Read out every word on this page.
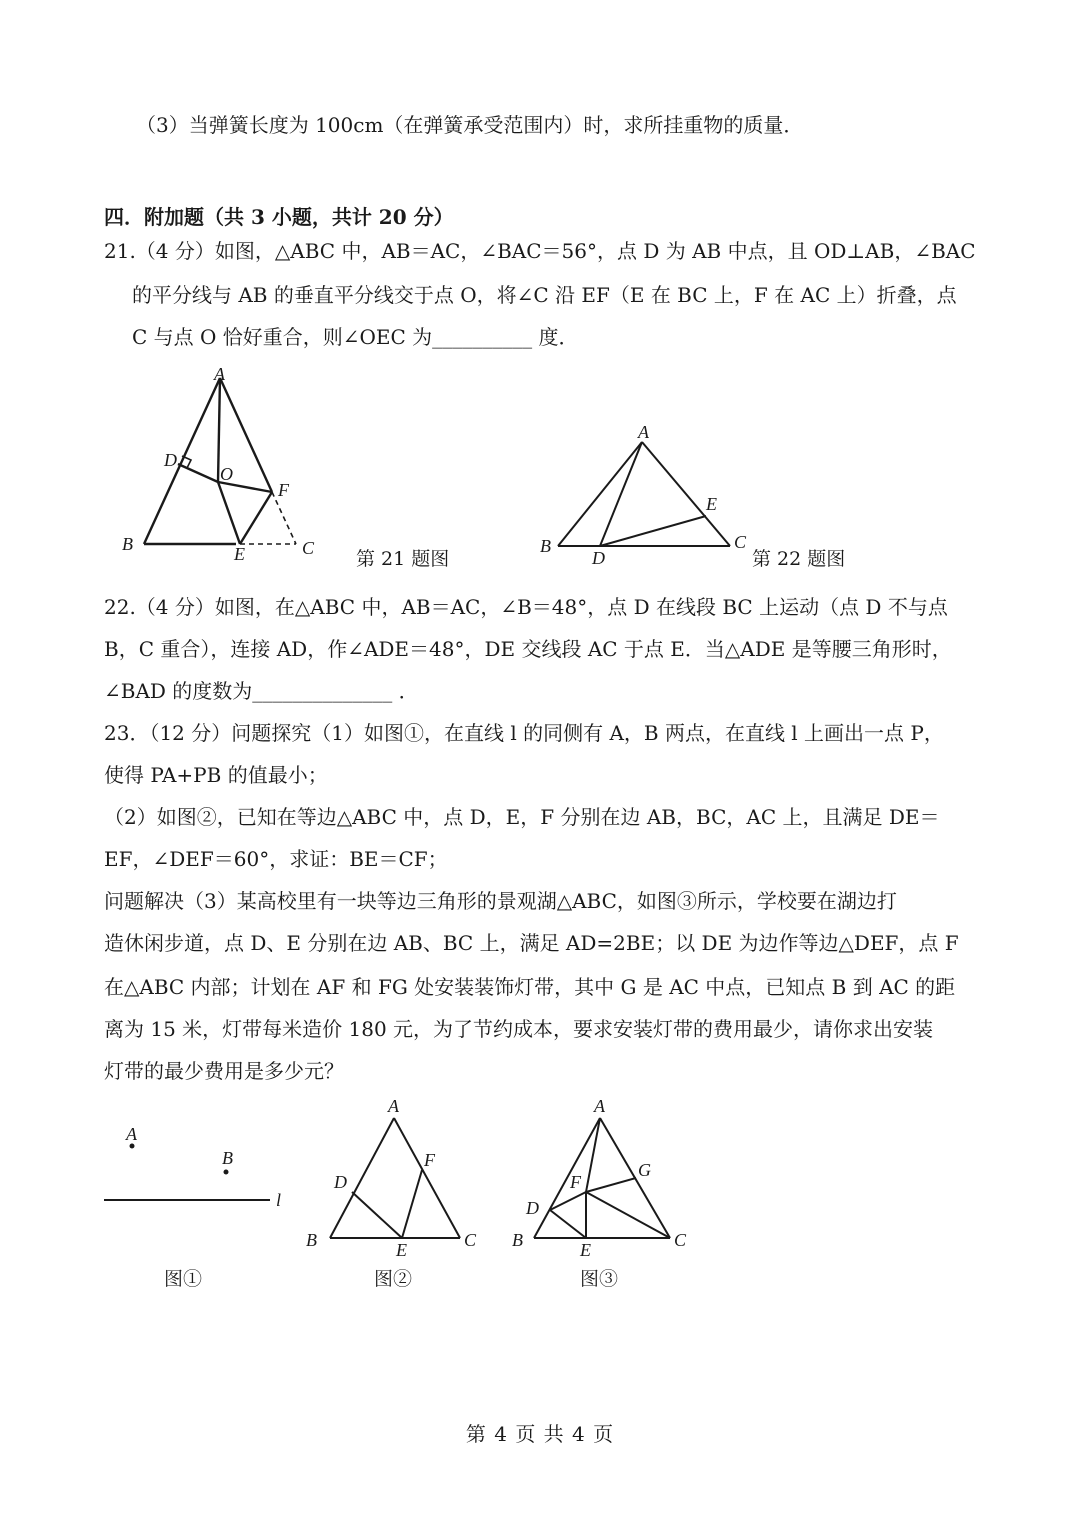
（3）当弹簧长度为 100cm（在弹簧承受范围内）时，求所挂重物的质量．
四．附加题（共 3 小题，共计 20 分）
21.（4 分）如图，△ABC 中，AB＝AC，∠BAC＝56°，点 D 为 AB 中点，且 OD⊥AB，∠BAC
的平分线与 AB 的垂直平分线交于点 O，将∠C 沿 EF（E 在 BC 上，F 在 AC 上）折叠，点
C 与点 O 恰好重合，则∠OEC 为__________ 度．
A
D
O
F
B	E	C 第 21 题图
A
E
B
D
C
第 22 题图
22.（4 分）如图，在△ABC 中，AB＝AC，∠B＝48°，点 D 在线段 BC 上运动（点 D 不与点
B，C 重合），连接 AD，作∠ADE＝48°，DE 交线段 AC 于点 E．当△ADE 是等腰三角形时，
∠BAD 的度数为______________ ．
23．（12 分）问题探究（1）如图①，在直线 l 的同侧有 A，B 两点，在直线 l 上画出一点 P，
使得 PA+PB 的值最小；
（2）如图②，已知在等边△ABC 中，点 D，E，F 分别在边 AB，BC，AC 上，且满足 DE＝
EF，∠DEF＝60°，求证：BE＝CF；
问题解决（3）某高校里有一块等边三角形的景观湖△ABC，如图③所示，学校要在湖边打
造休闲步道，点 D、E 分别在边 AB、BC 上，满足 AD=2BE；以 DE 为边作等边△DEF，点 F
在△ABC 内部；计划在 AF 和 FG 处安装装饰灯带，其中 G 是 AC 中点，已知点 B 到 AC 的距
离为 15 米，灯带每米造价 180 元，为了节约成本，要求安装灯带的费用最少，请你求出安装
灯带的最少费用是多少元？
A
B
l
图①
A
F
D
B	E	C
图②
A
G
F
D
B	E	C
图③
第 4 页 共 4 页
